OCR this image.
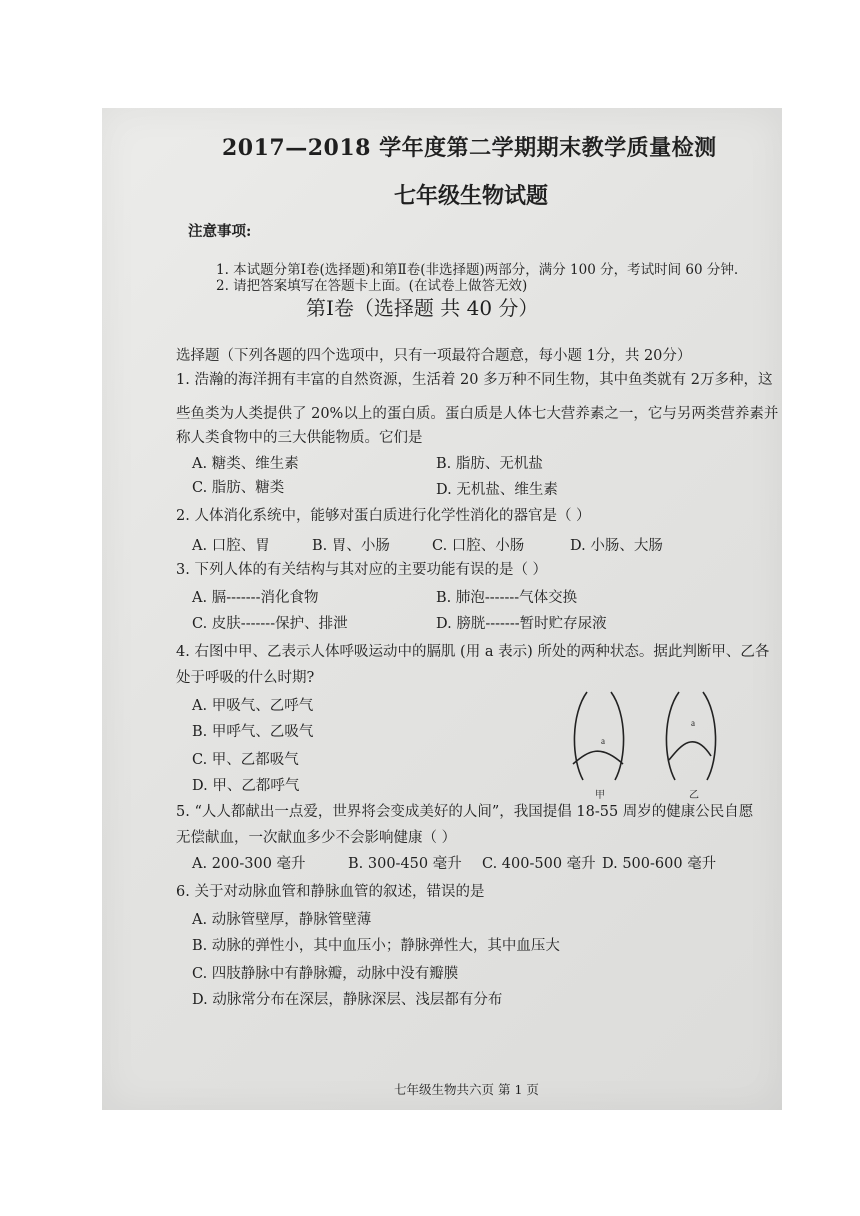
2017—2018 学年度第二学期期末教学质量检测
七年级生物试题
注意事项:
1. 本试题分第Ⅰ卷(选择题)和第Ⅱ卷(非选择题)两部分，满分 100 分，考试时间 60 分钟.
2. 请把答案填写在答题卡上面。(在试卷上做答无效)
第Ⅰ卷（选择题 共 40 分）
选择题（下列各题的四个选项中，只有一项最符合题意，每小题 1分，共 20分）
1. 浩瀚的海洋拥有丰富的自然资源，生活着 20 多万种不同生物，其中鱼类就有 2万多种，这
些鱼类为人类提供了 20%以上的蛋白质。蛋白质是人体七大营养素之一，它与另两类营养素并
称人类食物中的三大供能物质。它们是
A. 糖类、维生素	B. 脂肪、无机盐
C. 脂肪、糖类	D. 无机盐、维生素
2. 人体消化系统中，能够对蛋白质进行化学性消化的器官是（ ）
A. 口腔、胃	B. 胃、小肠	C. 口腔、小肠	D. 小肠、大肠
3. 下列人体的有关结构与其对应的主要功能有误的是（ ）
A. 膈-------消化食物	B. 肺泡-------气体交换
C. 皮肤-------保护、排泄	D. 膀胱-------暂时贮存尿液
4. 右图中甲、乙表示人体呼吸运动中的膈肌 (用 a 表示) 所处的两种状态。据此判断甲、乙各
处于呼吸的什么时期?
A. 甲吸气、乙呼气
B. 甲呼气、乙吸气
C. 甲、乙都吸气
D. 甲、乙都呼气
a
甲
a
乙
5. “人人都献出一点爱，世界将会变成美好的人间”，我国提倡 18-55 周岁的健康公民自愿
无偿献血，一次献血多少不会影响健康（ ）
A. 200-300 毫升	B. 300-450 毫升 C. 400-500 毫升 D. 500-600 毫升
6. 关于对动脉血管和静脉血管的叙述，错误的是
A. 动脉管壁厚，静脉管壁薄
B. 动脉的弹性小，其中血压小；静脉弹性大，其中血压大
C. 四肢静脉中有静脉瓣，动脉中没有瓣膜
D. 动脉常分布在深层，静脉深层、浅层都有分布
七年级生物共六页 第 1 页
